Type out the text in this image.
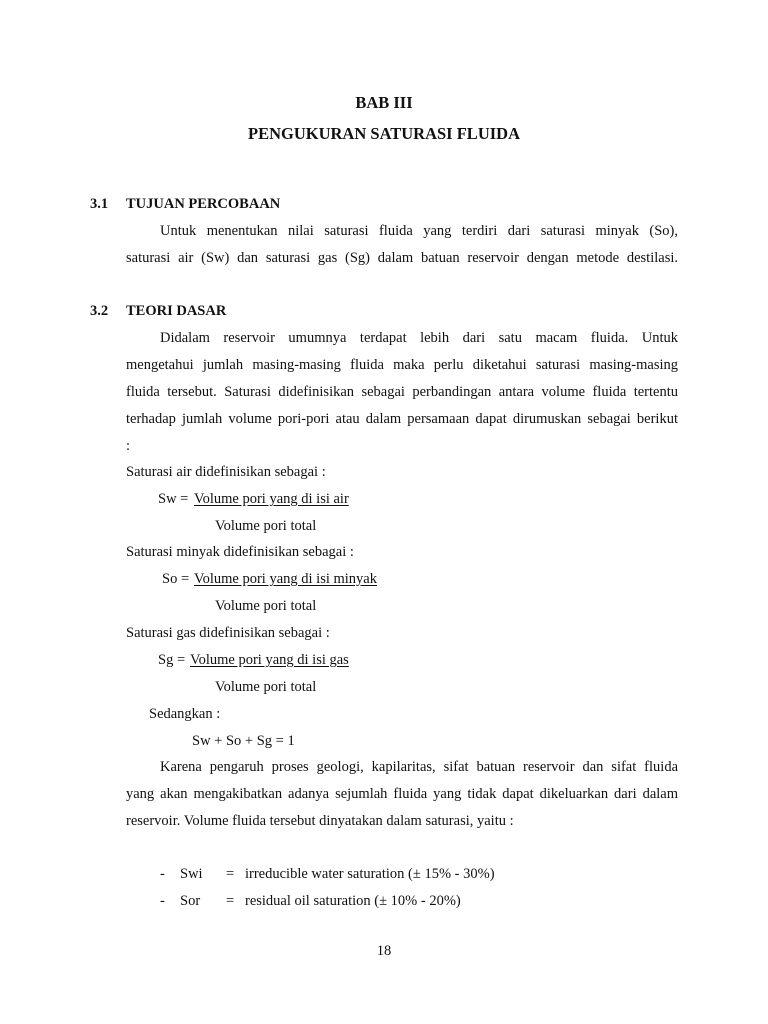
BAB III
PENGUKURAN SATURASI FLUIDA
3.1 TUJUAN PERCOBAAN
Untuk menentukan nilai saturasi fluida yang terdiri dari saturasi minyak (So),
saturasi air (Sw) dan saturasi gas (Sg) dalam batuan reservoir dengan metode destilasi.
3.2 TEORI DASAR
Didalam reservoir umumnya terdapat lebih dari satu macam fluida. Untuk
mengetahui jumlah masing-masing fluida maka perlu diketahui saturasi masing-masing
fluida tersebut. Saturasi didefinisikan sebagai perbandingan antara volume fluida tertentu
terhadap jumlah volume pori-pori atau dalam persamaan dapat dirumuskan sebagai berikut
:
Saturasi air didefinisikan sebagai :
Sw = Volume pori yang di isi air
Volume pori total
Saturasi minyak didefinisikan sebagai :
So = Volume pori yang di isi minyak
Volume pori total
Saturasi gas didefinisikan sebagai :
Sg = Volume pori yang di isi gas
Volume pori total
Sedangkan :
Sw + So + Sg = 1
Karena pengaruh proses geologi, kapilaritas, sifat batuan reservoir dan sifat fluida
yang akan mengakibatkan adanya sejumlah fluida yang tidak dapat dikeluarkan dari dalam
reservoir. Volume fluida tersebut dinyatakan dalam saturasi, yaitu :
- Swi = irreducible water saturation (± 15% - 30%)
- Sor = residual oil saturation (± 10% - 20%)
18
